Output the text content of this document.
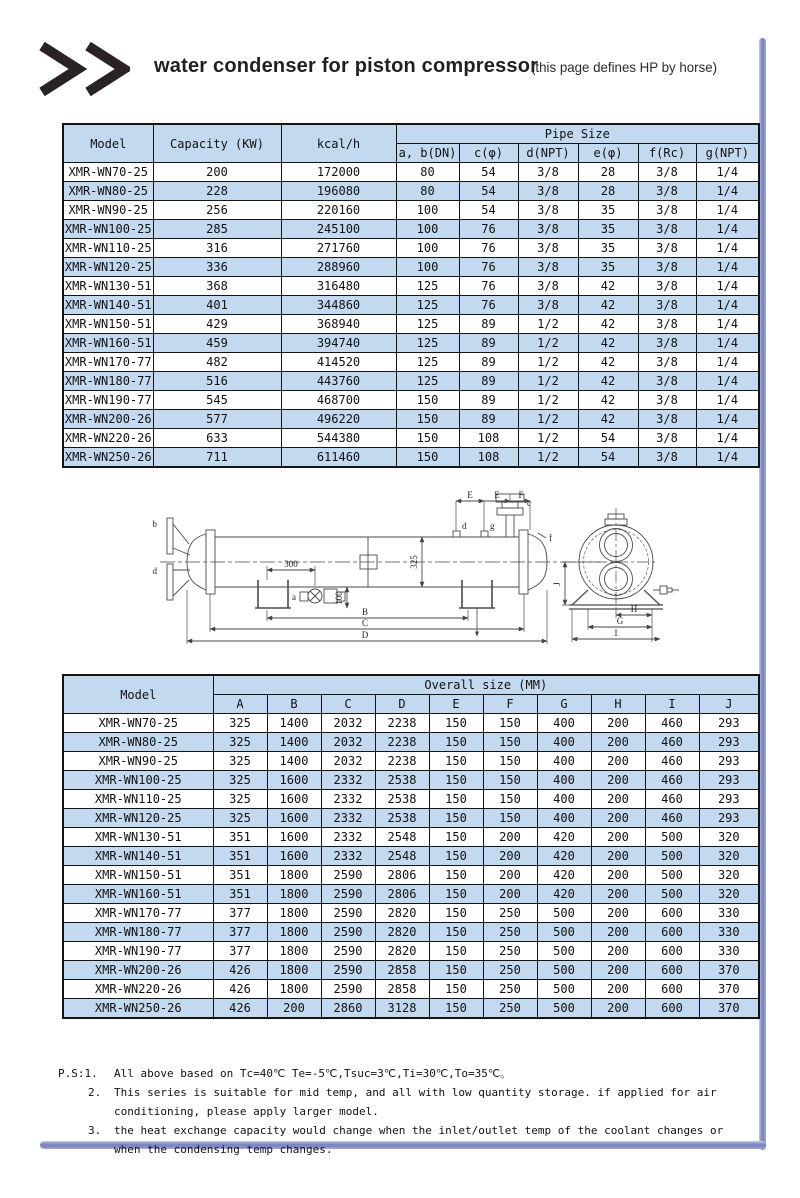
water condenser for piston compressor
(this page defines HP by horse)
Model	Capacity (KW)	kcal/h	Pipe Size					
			a, b(DN)	c(φ)	d(NPT)	e(φ)	f(Rc)	g(NPT)
XMR-WN70-25	200	172000	80	54	3/8	28	3/8	1/4
XMR-WN80-25	228	196080	80	54	3/8	28	3/8	1/4
XMR-WN90-25	256	220160	100	54	3/8	35	3/8	1/4
XMR-WN100-25	285	245100	100	76	3/8	35	3/8	1/4
XMR-WN110-25	316	271760	100	76	3/8	35	3/8	1/4
XMR-WN120-25	336	288960	100	76	3/8	35	3/8	1/4
XMR-WN130-51	368	316480	125	76	3/8	42	3/8	1/4
XMR-WN140-51	401	344860	125	76	3/8	42	3/8	1/4
XMR-WN150-51	429	368940	125	89	1/2	42	3/8	1/4
XMR-WN160-51	459	394740	125	89	1/2	42	3/8	1/4
XMR-WN170-77	482	414520	125	89	1/2	42	3/8	1/4
XMR-WN180-77	516	443760	125	89	1/2	42	3/8	1/4
XMR-WN190-77	545	468700	150	89	1/2	42	3/8	1/4
XMR-WN200-26	577	496220	150	89	1/2	42	3/8	1/4
XMR-WN220-26	633	544380	150	108	1/2	54	3/8	1/4
XMR-WN250-26	711	611460	150	108	1/2	54	3/8	1/4
b
d
a
300
100
325
E E F
d	g
c
f
B
C
D
H
G
I
J
Model	Overall size (MM)									
	A	B	C	D	E	F	G	H	I	J
XMR-WN70-25	325	1400	2032	2238	150	150	400	200	460	293
XMR-WN80-25	325	1400	2032	2238	150	150	400	200	460	293
XMR-WN90-25	325	1400	2032	2238	150	150	400	200	460	293
XMR-WN100-25	325	1600	2332	2538	150	150	400	200	460	293
XMR-WN110-25	325	1600	2332	2538	150	150	400	200	460	293
XMR-WN120-25	325	1600	2332	2538	150	150	400	200	460	293
XMR-WN130-51	351	1600	2332	2548	150	200	420	200	500	320
XMR-WN140-51	351	1600	2332	2548	150	200	420	200	500	320
XMR-WN150-51	351	1800	2590	2806	150	200	420	200	500	320
XMR-WN160-51	351	1800	2590	2806	150	200	420	200	500	320
XMR-WN170-77	377	1800	2590	2820	150	250	500	200	600	330
XMR-WN180-77	377	1800	2590	2820	150	250	500	200	600	330
XMR-WN190-77	377	1800	2590	2820	150	250	500	200	600	330
XMR-WN200-26	426	1800	2590	2858	150	250	500	200	600	370
XMR-WN220-26	426	1800	2590	2858	150	250	500	200	600	370
XMR-WN250-26	426	200	2860	3128	150	250	500	200	600	370
P.S:1. All above based on Tc=40℃ Te=-5℃,Tsuc=3℃,Ti=30℃,To=35℃。
2. This series is suitable for mid temp, and all with low quantity storage. if applied for air conditioning, please apply larger model.
3. the heat exchange capacity would change when the inlet/outlet temp of the coolant changes or when the condensing temp changes.
